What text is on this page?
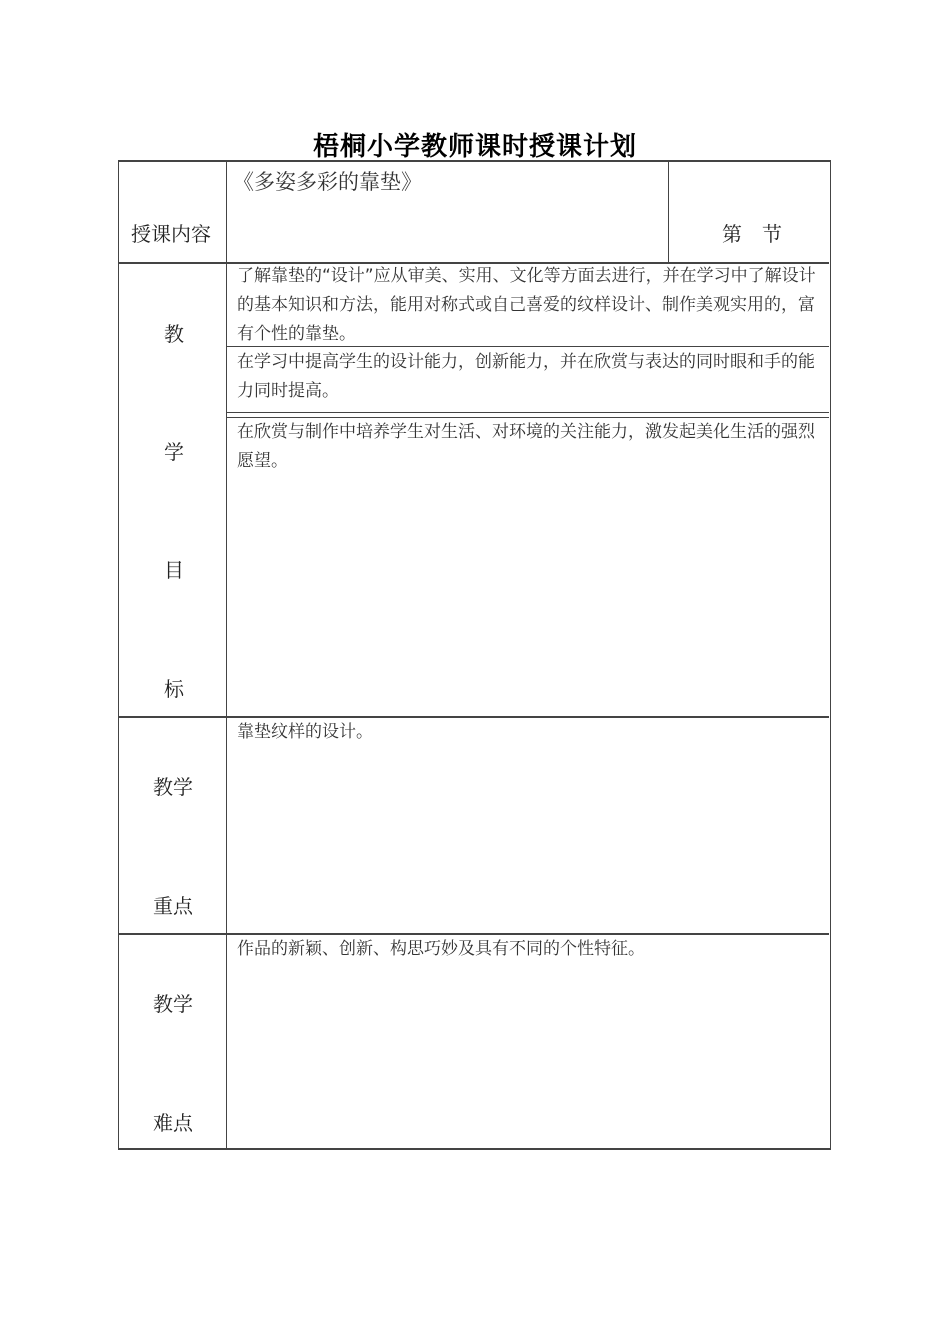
梧桐小学教师课时授课计划
授课内容
《多姿多彩的靠垫》
第　节
教
学
目
标
了解靠垫的“设计”应从审美、实用、文化等方面去进行，并在学习中了解设计的基本知识和方法，能用对称式或自己喜爱的纹样设计、制作美观实用的，富有个性的靠垫。
在学习中提高学生的设计能力，创新能力，并在欣赏与表达的同时眼和手的能力同时提高。
在欣赏与制作中培养学生对生活、对环境的关注能力，激发起美化生活的强烈愿望。
教学
重点
靠垫纹样的设计。
教学
难点
作品的新颖、创新、构思巧妙及具有不同的个性特征。
